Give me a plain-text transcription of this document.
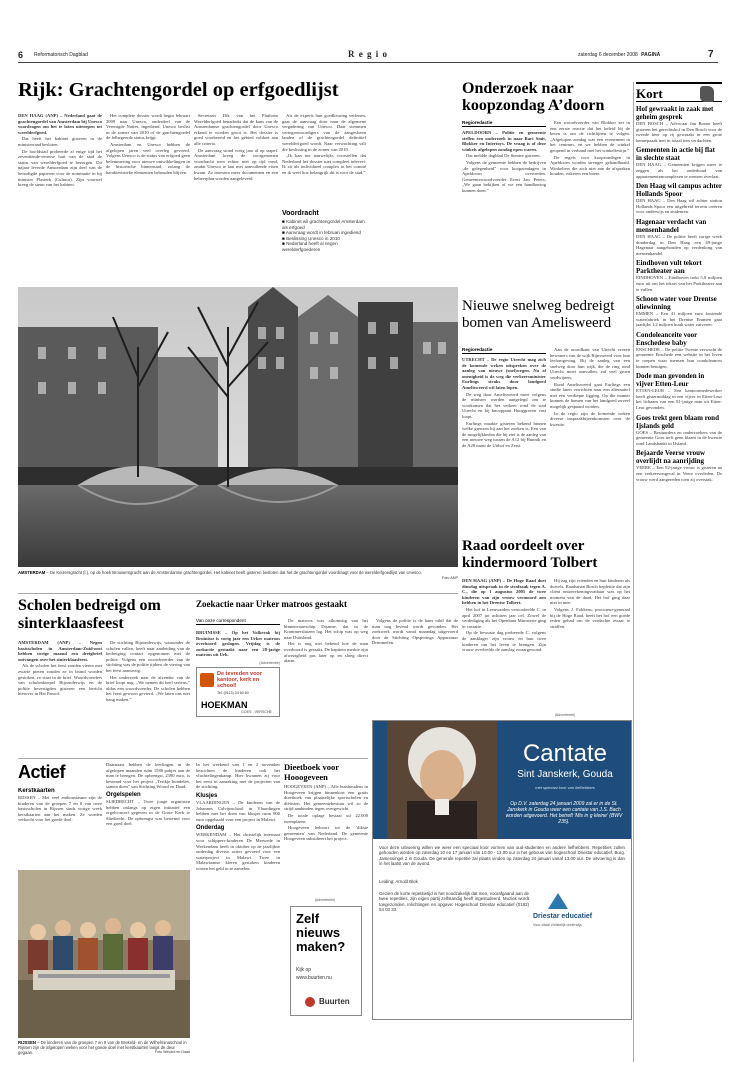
6 Reformatorisch Dagblad	R e g i o	zaterdag 6 december 2008 PAGINA	7
Rijk: Grachtengordel op erfgoedlijst

DEN HAAG (ANP) – Nederland gaat de grachtengordel van Amsterdam bij Unesco voordragen om het te laten uitroepen tot werelderfgoed.

Dat heeft het kabinet gisteren in de ministerraad besloten.

De hoofdstad probeerde al enige tijd het zeventiende-eeuwse hart van de stad de status van werelderfgoed te bezorgen. Dit najaar leverde Amsterdam zijn deel van de benodigde papieren voor de nominatie in bij minister Plasterk (Cultuur). Zijn voorstel kreeg de steun van het kabinet.

Het complete dossier wordt begin februari 2009 naar Unesco, onderdeel van de Verenigde Naties, ingediend. Unesco beslist in de zomer van 2010 of de grachtengordel de felbegeerde status krijgt.

Amsterdam en Unesco hebben de afgelopen jaren veel overleg gevoerd. Volgens Unesco is de status van erfgoed geen belemmering voor nieuwe ontwikkelingen in de historische binnenstad, zolang de karakteristieke elementen behouden blijven.

Secretaris Dik van het Platform Werelderfgoed benadrukt dat de kans van de Amsterdamse grachtengordel door Unesco erkend te worden groot is. Het dossier is goed voorbereid en het gebied voldoet aan alle criteria.

De aanvraag stond vorig jaar al op stapel. Amsterdam kreeg de voorgenomen voordracht toen echter niet op tijd rond, omdat Unesco te laat met aanvullende eisen kwam. Zo moesten meer documenten en een beheerplan worden aangeleverd.

Als de experts hun goedkeuring verlenen, gaat de aanvraag door naar de algemene vergadering van Unesco. Daar stemmen vertegenwoordigers van de aangesloten landen of de grachtengordel definitief werelderfgoed wordt. Naar verwachting valt die beslissing in de zomer van 2010.

„Ik kan me nauwelijks voorstellen dat Nederland het dossier niet compleet inlevert. Ik zit als individueel complex in het comité en ik weet hoe belangrijk dit is voor de stad.”

Voordracht
■ Kabinet wil grachtengordel Amsterdam als erfgoed
■ Aanvraag wordt in februari ingediend
■ Beslissing Unesco in 2010
■ Nederland heeft al negen werelderfgoederen
Onderzoek naar koopzondag A’doorn
Regioredactie

APELDOORN – Politie en gemeente stellen een onderzoek in naar Bart Smit, Blokker en Intertoys. De vraag is of deze winkels afgelopen zondag open waren.

Dat meldde dagblad De Stentor gisteren.

Volgens de gemeente hebben de bedrijven „de gelegenheid” voor koopzondagen in Apeldoorn overtreden. Gemeentewoordvoerder Ernst Jan Peters: „We gaan bekijken of we een handhaving kunnen doen.”

Een woordvoerder van Blokker zei in een eerste reactie dat het beleid bij de keten is om de richtlijnen te volgen. „Afgelopen zondag was een evenement in het centrum, en we hebben de winkel geopend in verband met het winkelfestijn.”

De regels voor koopzondagen in Apeldoorn worden strenger gehandhaafd. Winkeliers die zich niet aan de afspraken houden, riskeren een boete.

AMSTERDAM – De Keizersgracht (l.), op de hoek Brouwersgracht aan de Amsterdamse grachtengordel. Het kabinet heeft gisteren besloten dat het de grachtengordel voordraagt voor de werelderfgoedlijst van Unesco.
Foto ANP
Nieuwe snelweg bedreigt bomen van Amelisweerd
Regioredactie

UTRECHT – De regio Utrecht mag zich de komende weken uitspreken over de aanleg van nieuwe (snel)wegen. Na al onenigheid is de weg die verkeersminister Eurlings straks door landgoed Amelisweerd wil laten lopen.

De weg door Amelisweerd moet volgens de minister worden aangelegd om te voorkomen dat het verkeer rond de stad Utrecht en bij knooppunt Hooggraven vast loopt.

Eurlings maakte gisteren bekend binnen welke grenzen hij aan het zoeken is. Een van de mogelijkheden die hij ziet is de aanleg van een nieuwe weg tussen de A12 bij Bunnik en de A28 naast de Uithof en Zeist.

Aan de noordkant van Utrecht vrezen bewoners van de wijk Rijnsweerd voor hun leefomgeving. Bij de aanleg van een snelweg door hun wijk, die de ring rond Utrecht moet aanvullen, zal veel groen verdwijnen.

Rond Amelisweerd gaat Eurlings een studie laten verrichten naar een alternatief met een verdiepte ligging. Op die manier kunnen de bomen van het landgoed zoveel mogelijk gespaard worden.

In de regio zijn de komende weken diverse inspraakbijeenkomsten over de kwestie.

Raad oordeelt over kindermoord Tolbert

DEN HAAG (ANP) – De Hoge Raad doet dinsdag uitspraak in de strafzaak tegen A. C., die op 1 augustus 2005 de twee kinderen van zijn vrouw vermoord zou hebben in het Drentse Tolbert.

Het hof in Leeuwarden veroordeelde C. in april 2007 tot achttien jaar cel. Zowel de verdediging als het Openbaar Ministerie ging in cassatie.

Op de bewuste dag probeerde C. volgens de aanklager zijn vrouw en hun twee kinderen om het leven te brengen. Zijn vrouw overleefde de aanslag zwaargewond.

Hij zag zijn vrienden en hun kinderen als duivels. Raadsman Bosch bepleitte dat zijn cliënt ontoerekeningsvatbaar was op het moment van de daad. Het hof ging daar niet in mee.

Volgens J. Fokkens, procureur-generaal bij de Hoge Raad, heeft het hof een goede reden gehad om de verdachte zwaar te straffen.

Scholen bedreigd om sinterklaasfeest

AMSTERDAM (ANP) – Negen basisscholen in Amsterdam-Zuid-oost hebben vorige maand een dreigbrief ontvangen over het sinterklaasfeest.

Als de scholen het feest zouden vieren met zwarte pieten zouden ze in brand worden gestoken, zo staat in de brief. Woordvoerders van scholenkoepel Bijzonderwijs en de politie bevestigden gisteren een bericht hierover in Het Parool.

De stichting Bijzonderwijs, waaronder de scholen vallen, heeft naar aanleiding van de bedreiging contact opgenomen met de politie. Volgens een woordvoerder van de stichting was de politie tijdens de viering van het feest aanwezig.

Het onderzoek naar de afzender van de brief loopt nog. „We nemen dit heel serieus,” aldus een woordvoerder. De scholen hebben het feest gewoon gevierd. „We laten ons niet bang maken.”

Zoekactie naar Urker matroos gestaakt
Van onze correspondent

BRUINISSE – Op het Volkerak bij Bruinisse is vorig jaar een Urker matroos overboord geslagen. Vrijdag is de zoekactie gestaakt naar een 28-jarige matroos uit Urk.

De matroos was afkomstig van het binnenvaartschip Dijanne, dat in de Krammersluizen lag. Het schip was op weg naar Duitsland.

Het is nog niet bekend hoe de man overboord is geraakt. De kapitein merkte zijn afwezigheid pas later op en sloeg direct alarm.

Volgens de politie is de kans nihil dat de man nog levend wordt gevonden. Het zoekwerk wordt vanaf maandag uitgevoerd door de Stichting Opsporings Apparatuur Drimmelen.

(Advertentie)
De tevreden voor kantoor, kerk en school!
Tel. (0113) 34 60 60
HOEKMAN
GOES - VERSCHE
Actief
Kerstkaarten

RIJSSEN – Met veel enthousiasme zijn de kinderen van de groepen 7 en 8 van twee basisscholen in Rijssen sinds vorige week kerstkaarten aan het maken. Ze worden verkocht voor het goede doel.

Daarnaast hebben de leerlingen in de afgelopen maanden ruim 1580 pakjes aan de man te brengen. De opbrengst, 2390 euro, is bestemd voor het project „Terikje bundelen, samen doen” van Stichting Woord en Daad.

Orgelspelen

SLIEDRECHT – Twee jonge organisten hebben onlangs op eigen initiatief een orgelconcert gegeven in de Grote Kerk te Sliedrecht. De opbrengst was bestemd voor een goed doel.

RIJSSEN – De kinderen van de groepen 7 en 8 van de Brekeld- en de Wilhelminaschool in Rijssen zijn de afgelopen weken voor het goede doel met kerstkaarten langs de deur gegaan.	Foto Wevard en Daad

In het weekend van 1 en 2 november bezochten de kinderen ook het vluchtelingenkamp. Hier kwamen zij voor het eerst in aanraking met de projecten van de stichting.

Klusjes

VLAARDINGEN – De kinderen van de Johannes Calvijnschool in Vlaardingen hebben met het doen van klusjes ruim 900 euro opgehaald voor een project in Malawi.

Onderdag

WERKENDAM – Het christelijk internaat voor schippers-kinderen De Merwede in Werkendam heeft in oktober op de jaarlijkse onderdag diverse acties gevoerd voor een waterproject in Malawi. Twee in Malawiaanse kleren gestoken kinderen wisten het geld in te zamelen.

Dieetboek voor Hooogeveen

HOOGEVEEN (ANP) – Alle huishoudens in Hoogeveen krijgen binnenkort een gratis dieetboek van plaatselijke sportscholen en diëtisten. Het gemeentebestuur wil zo de strijd aanbinden tegen overgewicht.

De totale oplage bestaat uit 22.000 exemplaren.

Hoogeveen behoort tot de 'dikste gemeenten' van Nederland. De gemeente Hoogeveen subsidieert het project.

(Advertentie)
Zelf nieuws maken?
Kijk op
www.buurten.nu
Buurten
(Advertentie)
Cantate
Sint Janskerk, Gouda
met speciaal koor van liefhebbers
Op D.V. zaterdag 24 januari 2009 zal er in de St. Janskerk in Gouda weer een cantate van J.S. Bach worden uitgevoerd. Het betreft 'Mis in g kleine' (BWV 235).
Voor deze uitvoering willen we weer een speciaal koor vormen van oud-studenten en andere liefhebbers. Repetities zullen gehouden worden op zaterdag 10 en 17 januari van 10.00 - 13.00 uur in het gebouw van hogeschool Driestar educatief, Burg. Jamessingel 2 in Gouda. De generale repetitie zal plaats vinden op zaterdag 24 januari vanaf 13.00 uur. De uitvoering is dan in het laatst van de avond.
Leiding: Arnold Blok
Gezien de korte repetitietijd is het noodzakelijk dat men, voorafgaand aan de twee repetities, zijn eigen partij zelfstandig heeft ingestudeerd. Muziek wordt toegezonden. Inlichtingen en opgave: Hogeschool Driestar educatief (0182) 54 03 33.
Driestar educatief
Voor vitaal christelijk onderwijs
Kort
Hof gewraakt in zaak met geheim gesprek
DEN BOSCH – Advocaat Jan Boone heeft gisteren het gerechtshof in Den Bosch voor de tweede keer op rij gewraakt in een grote hennepzaak met in totaal tien verdachten.
Gemeenten in actie bij flat in slechte staat
DEN HAAG – Gemeenten krijgen meer te zeggen als het onderhoud van appartementencomplexen te wensen overlaat.
Den Haag wil campus achter Hollands Spoor
DEN HAAG – Den Haag wil achter station Hollands Spoor een uitgebreid terrein creëren voor onderwijs en studenten.
Hagenaar verdacht van mensenhandel
DEN HAAG – De politie heeft vorige week donderdag in Den Haag een 49-jarige Hagenaar aangehouden op verdenking van mensenhandel.
Eindhoven vult tekort Parktheater aan
EINDHOVEN – Eindhoven trekt 5,8 miljoen euro uit om het tekort van het Parktheater aan te vullen.
Schoon water voor Drentse oliewinning
EMMEN – Een 41 miljoen euro kostende waterfabriek in het Drentse Emmen gaat jaarlijks 1,2 miljoen kuub water zuiveren.
Condoleanceite voor Enschedese baby
ENSCHEDE – De politie Twente verwacht de gemeente Enschede een website in het leven te roepen waar mensen hun condoleances kunnen betuigen.
Dode man gevonden in vijver Etten-Leur
ETTEN-LEUR – Een kantoormedewerker heeft gistermiddag in een vijver in Etten-Leur het lichaam van een 81-jarige man uit Etten-Leur gevonden.
Goes trekt geen blaam rond Ijslands geld
GOES – Bestuurders en onderzoekers van de gemeente Goes treft geen blaam in de kwestie rond Landsbanki in IJsland.
Bejaarde Veerse vrouw overlijdt na aanrijding
VEERE – Een 92-jarige vrouw is gisteren na een verkeersongeval in Veere overleden. De vrouw werd aangereden toen zij overstak.
